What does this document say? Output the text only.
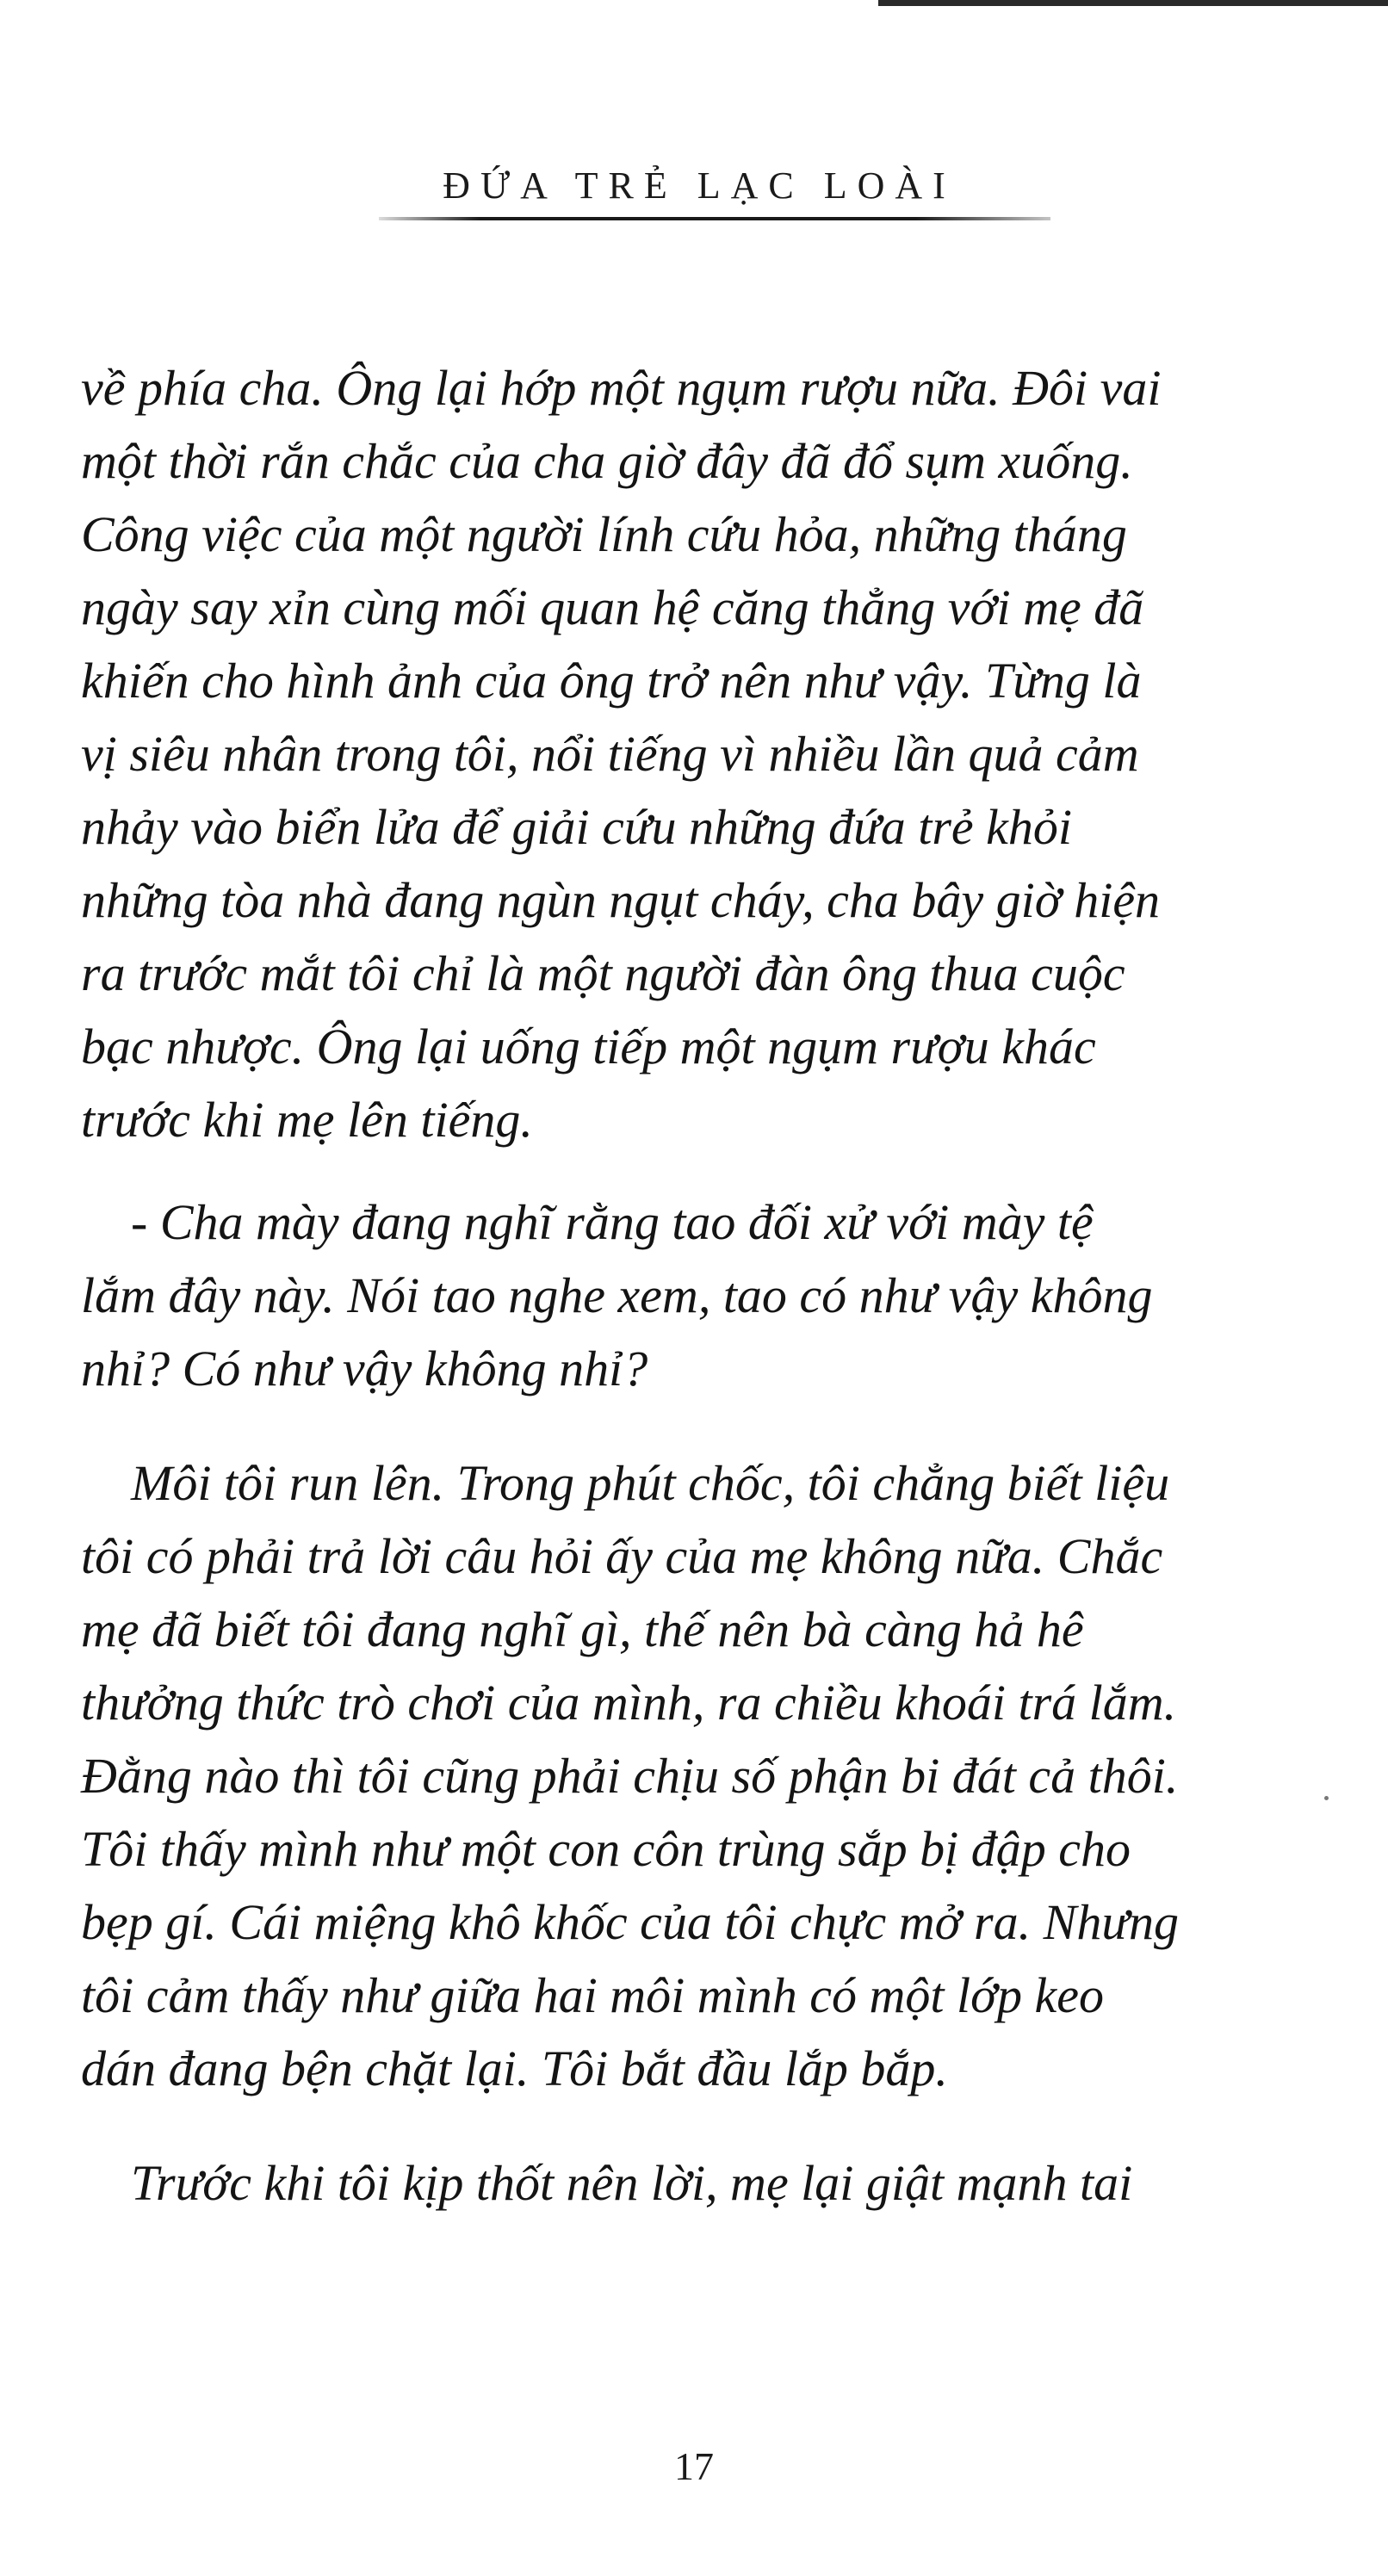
ĐỨA TRẺ LẠC LOÀI
về phía cha. Ông lại hớp một ngụm rượu nữa. Đôi vai
một thời rắn chắc của cha giờ đây đã đổ sụm xuống.
Công việc của một người lính cứu hỏa, những tháng
ngày say xỉn cùng mối quan hệ căng thẳng với mẹ đã
khiến cho hình ảnh của ông trở nên như vậy. Từng là
vị siêu nhân trong tôi, nổi tiếng vì nhiều lần quả cảm
nhảy vào biển lửa để giải cứu những đứa trẻ khỏi
những tòa nhà đang ngùn ngụt cháy, cha bây giờ hiện
ra trước mắt tôi chỉ là một người đàn ông thua cuộc
bạc nhược. Ông lại uống tiếp một ngụm rượu khác
trước khi mẹ lên tiếng.
- Cha mày đang nghĩ rằng tao đối xử với mày tệ
lắm đây này. Nói tao nghe xem, tao có như vậy không
nhỉ? Có như vậy không nhỉ?
Môi tôi run lên. Trong phút chốc, tôi chẳng biết liệu
tôi có phải trả lời câu hỏi ấy của mẹ không nữa. Chắc
mẹ đã biết tôi đang nghĩ gì, thế nên bà càng hả hê
thưởng thức trò chơi của mình, ra chiều khoái trá lắm.
Đằng nào thì tôi cũng phải chịu số phận bi đát cả thôi.
Tôi thấy mình như một con côn trùng sắp bị đập cho
bẹp gí. Cái miệng khô khốc của tôi chực mở ra. Nhưng
tôi cảm thấy như giữa hai môi mình có một lớp keo
dán đang bện chặt lại. Tôi bắt đầu lắp bắp.
Trước khi tôi kịp thốt nên lời, mẹ lại giật mạnh tai
17
